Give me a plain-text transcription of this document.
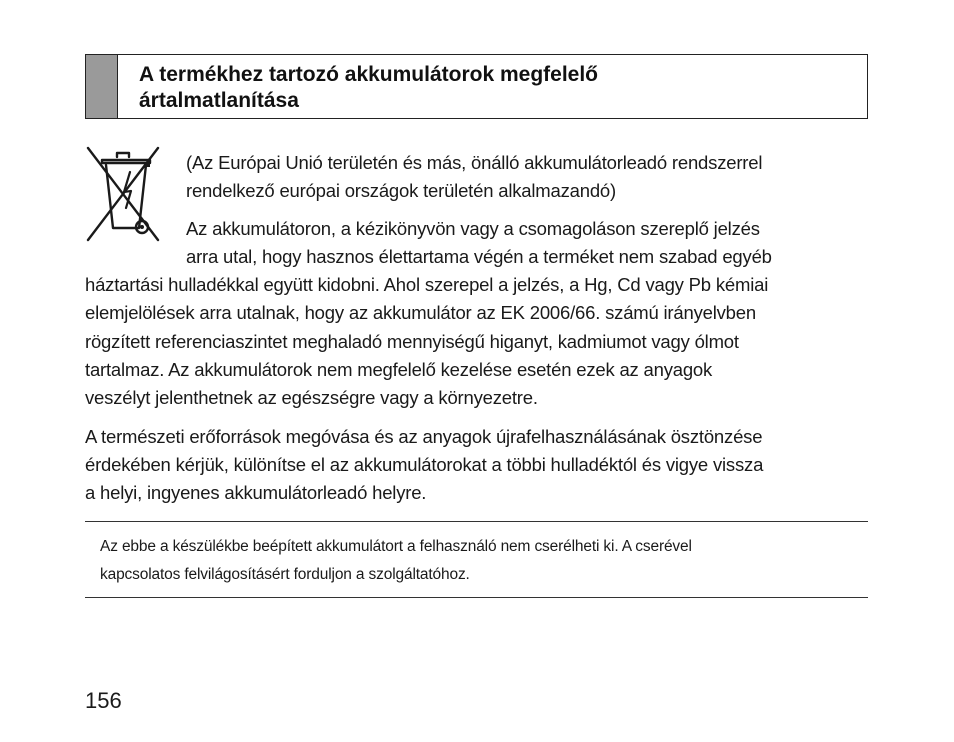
A termékhez tartozó akkumulátorok megfelelő
ártalmatlanítása

(Az Európai Unió területén és más, önálló akkumulátorleadó rendszerrel

rendelkező európai országok területén alkalmazandó)

Az akkumulátoron, a kézikönyvön vagy a csomagoláson szereplő jelzés

arra utal, hogy hasznos élettartama végén a terméket nem szabad egyéb

háztartási hulladékkal együtt kidobni. Ahol szerepel a jelzés, a Hg, Cd vagy Pb kémiai

elemjelölések arra utalnak, hogy az akkumulátor az EK 2006/66. számú irányelvben

rögzített referenciaszintet meghaladó mennyiségű higanyt, kadmiumot vagy ólmot

tartalmaz. Az akkumulátorok nem megfelelő kezelése esetén ezek az anyagok

veszélyt jelenthetnek az egészségre vagy a környezetre.

A természeti erőforrások megóvása és az anyagok újrafelhasználásának ösztönzése

érdekében kérjük, különítse el az akkumulátorokat a többi hulladéktól és vigye vissza

a helyi, ingyenes akkumulátorleadó helyre.

Az ebbe a készülékbe beépített akkumulátort a felhasználó nem cserélheti ki. A cserével
kapcsolatos felvilágosításért forduljon a szolgáltatóhoz.

156
